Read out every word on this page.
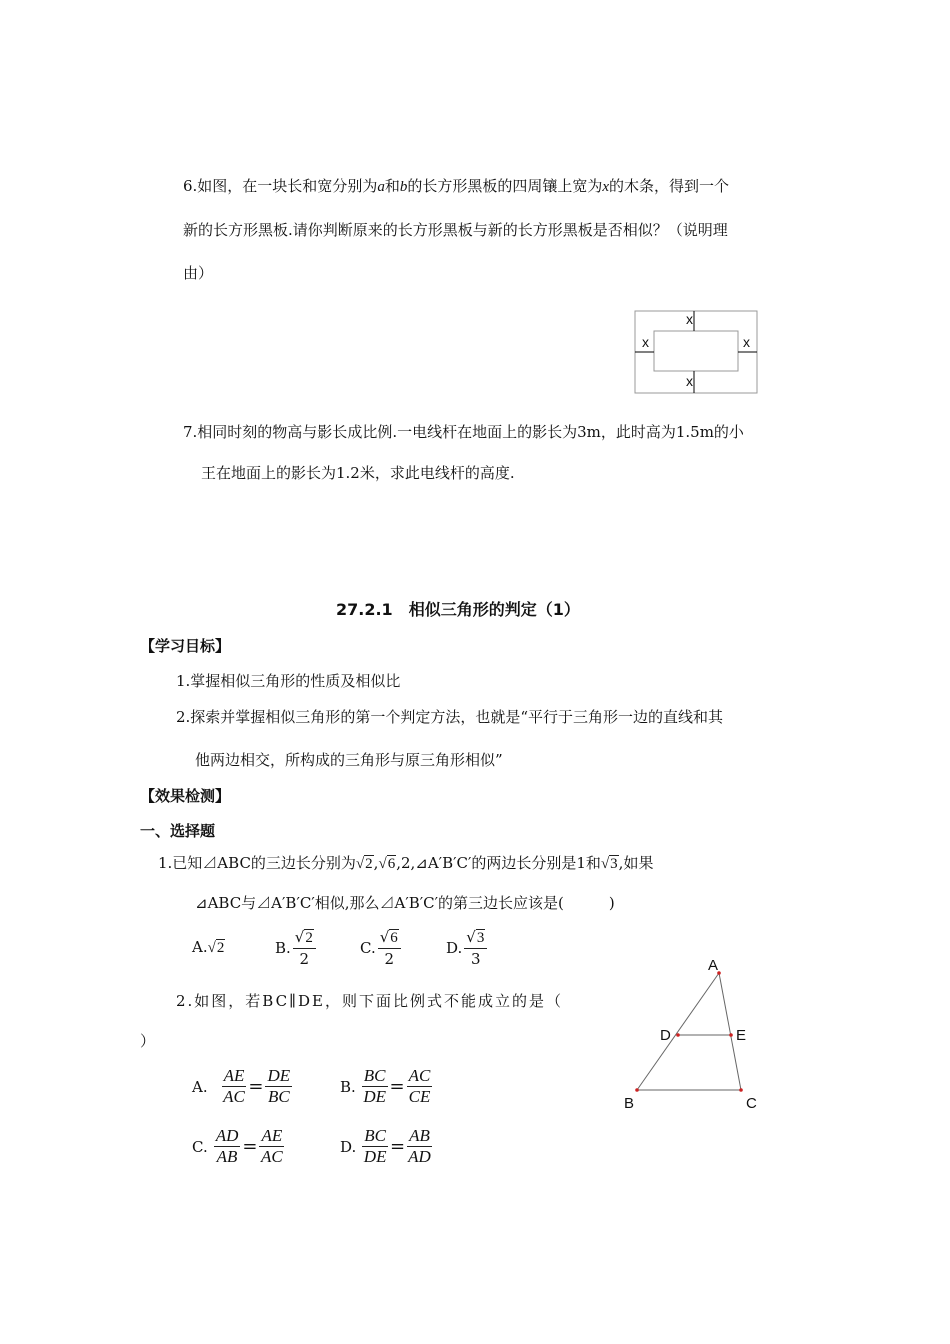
6.如图，在一块长和宽分别为a和b的长方形黑板的四周镶上宽为x的木条，得到一个
新的长方形黑板.请你判断原来的长方形黑板与新的长方形黑板是否相似？（说明理
由）
x
x	x
x
7.相同时刻的物高与影长成比例.一电线杆在地面上的影长为3m，此时高为1.5m的小
王在地面上的影长为1.2米，求此电线杆的高度.
27.2.1　相似三角形的判定（1）
【学习目标】
1.掌握相似三角形的性质及相似比
2.探索并掌握相似三角形的第一个判定方法，也就是“平行于三角形一边的直线和其
他两边相交，所构成的三角形与原三角形相似”
【效果检测】
一、选择题
1.已知⊿ABC的三边长分别为√2,√6,2,⊿A′B′C′的两边长分别是1和√3,如果
⊿ABC与⊿A′B′C′相似,那么⊿A′B′C′的第三边长应该是(　　　)
A.√2	B. $\frac{√2}{2}$	C. $\frac{√6}{2}$	D. $\frac{√3}{3}$
2.如图，若BC∥DE，则下面比例式不能成立的是（
）
A. $\frac{AE}{AC} = \frac{DE}{BC}$	B. $\frac{BC}{DE} = \frac{AC}{CE}$
C. $\frac{AD}{AB} = \frac{AE}{AC}$	D. $\frac{BC}{DE} = \frac{AB}{AD}$
A
D	E
B	C
